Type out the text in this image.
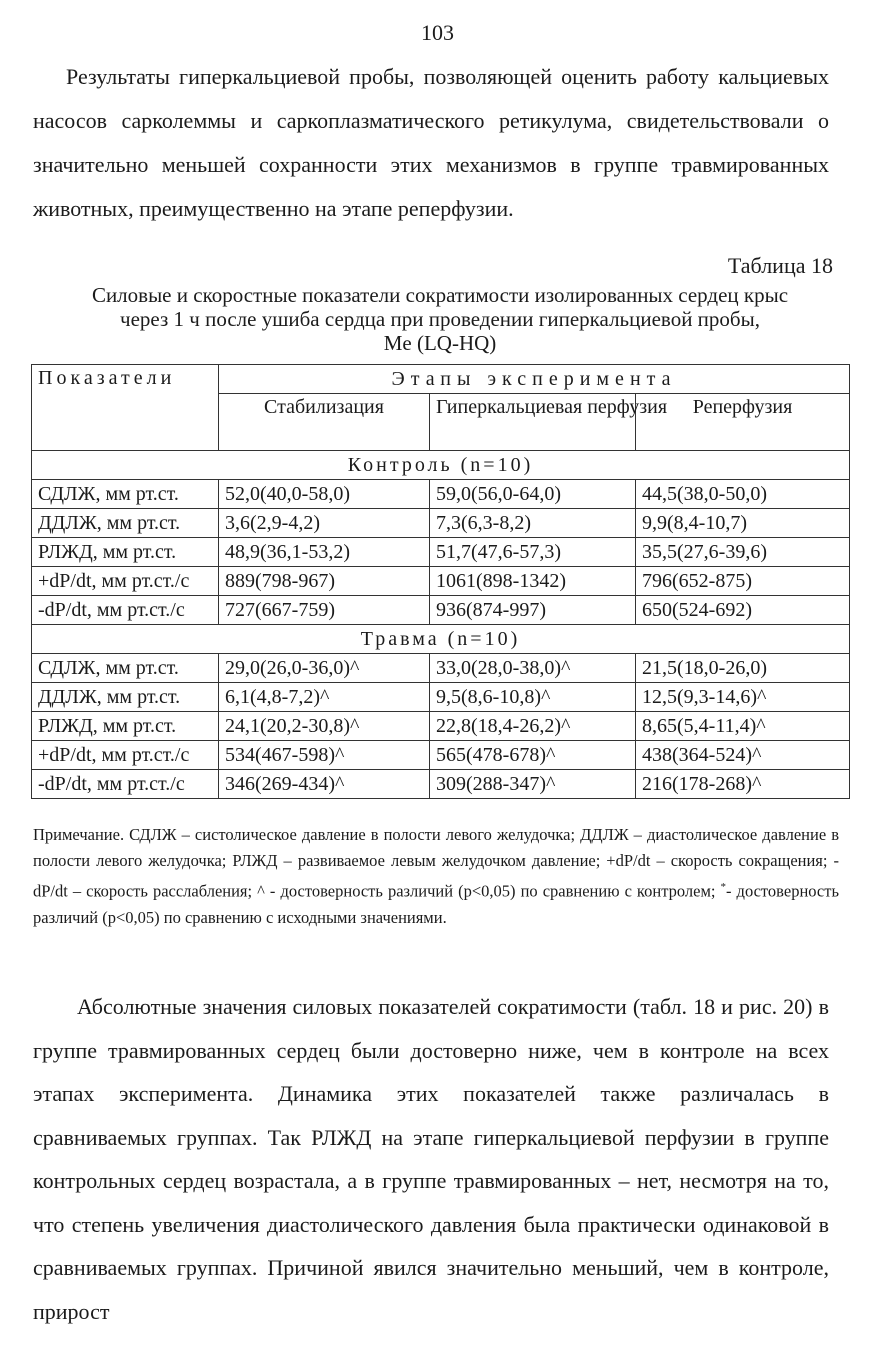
103

Результаты гиперкальциевой пробы, позволяющей оценить работу кальциевых насосов сарколеммы и саркоплазматического ретикулума, свидетельствовали о значительно меньшей сохранности этих механизмов в группе травмированных животных, преимущественно на этапе реперфузии.

Таблица 18
Силовые и скоростные показатели сократимости изолированных сердец крыс
через 1 ч после ушиба сердца при проведении гиперкальциевой пробы,
Me (LQ-HQ)
Показатели	Этапы эксперимента		
	Стабилизация	Гиперкальциевая перфузия	Реперфузия
Контроль (n=10)			
СДЛЖ, мм рт.ст.	52,0(40,0-58,0)	59,0(56,0-64,0)	44,5(38,0-50,0)
ДДЛЖ, мм рт.ст.	3,6(2,9-4,2)	7,3(6,3-8,2)	9,9(8,4-10,7)
РЛЖД, мм рт.ст.	48,9(36,1-53,2)	51,7(47,6-57,3)	35,5(27,6-39,6)
+dP/dt, мм рт.ст./с	889(798-967)	1061(898-1342)	796(652-875)
-dP/dt, мм рт.ст./с	727(667-759)	936(874-997)	650(524-692)
Травма (n=10)			
СДЛЖ, мм рт.ст.	29,0(26,0-36,0)^	33,0(28,0-38,0)^	21,5(18,0-26,0)
ДДЛЖ, мм рт.ст.	6,1(4,8-7,2)^	9,5(8,6-10,8)^	12,5(9,3-14,6)^
РЛЖД, мм рт.ст.	24,1(20,2-30,8)^	22,8(18,4-26,2)^	8,65(5,4-11,4)^
+dP/dt, мм рт.ст./с	534(467-598)^	565(478-678)^	438(364-524)^
-dP/dt, мм рт.ст./с	346(269-434)^	309(288-347)^	216(178-268)^

Примечание. СДЛЖ – систолическое давление в полости левого желудочка; ДДЛЖ – диастолическое давление в полости левого желудочка; РЛЖД – развиваемое левым желудочком давление; +dP/dt – скорость сокращения; -dP/dt – скорость расслабления; ^ - достоверность различий (р<0,05) по сравнению с контролем; *- достоверность различий (р<0,05) по сравнению с исходными значениями.

Абсолютные значения силовых показателей сократимости (табл. 18 и рис. 20) в группе травмированных сердец были достоверно ниже, чем в контроле на всех этапах эксперимента. Динамика этих показателей также различалась в сравниваемых группах. Так РЛЖД на этапе гиперкальциевой перфузии в группе контрольных сердец возрастала, а в группе травмированных – нет, несмотря на то, что степень увеличения диастолического давления была практически одинаковой в сравниваемых группах. Причиной явился значительно меньший, чем в контроле, прирост
